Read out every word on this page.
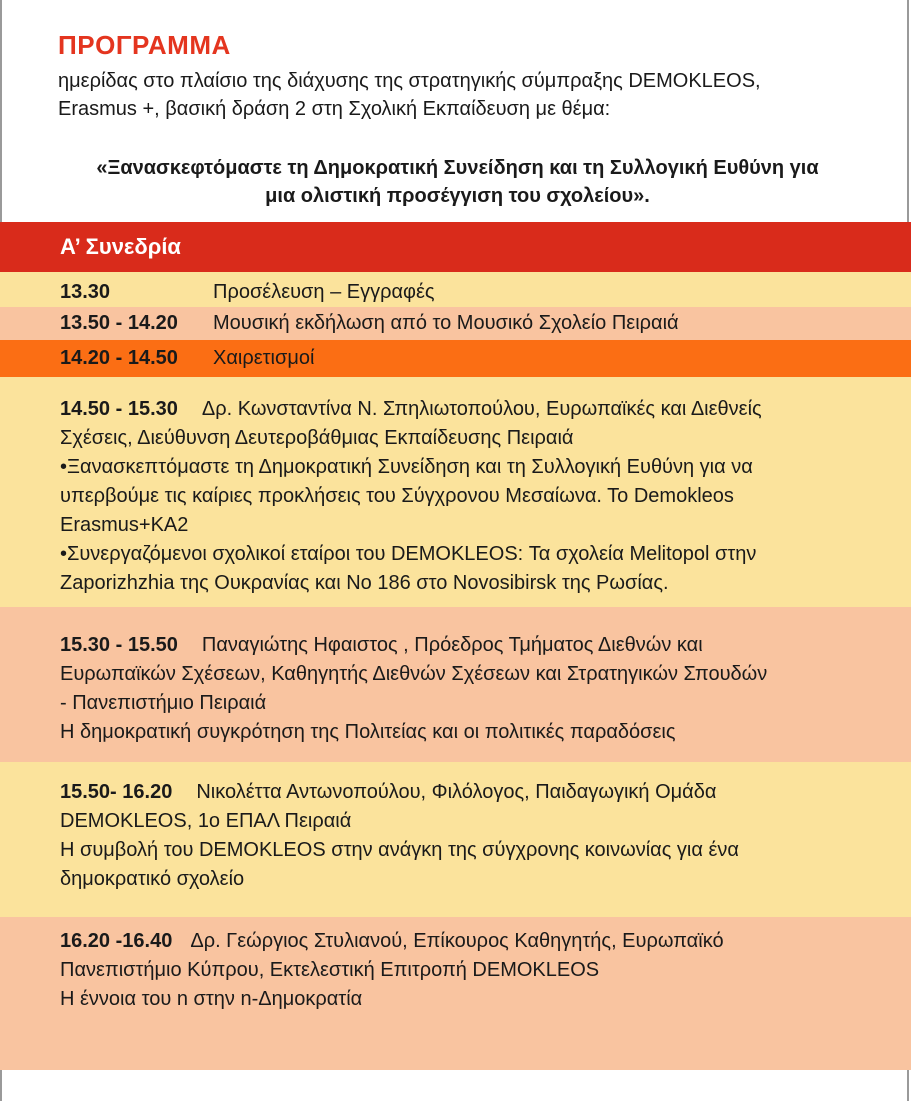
ΠΡΟΓΡΑΜΜΑ

ημερίδας στο πλαίσιο της διάχυσης της στρατηγικής σύμπραξης DEMOKLEOS,

Erasmus +, βασική δράση 2 στη Σχολική Εκπαίδευση με θέμα:

«Ξανασκεφτόμαστε τη Δημοκρατική Συνείδηση και τη Συλλογική Ευθύνη για

μια ολιστική προσέγγιση του σχολείου».

Α’ Συνεδρία
13.30	Προσέλευση – Εγγραφές
13.50 - 14.20	Μουσική εκδήλωση από το Μουσικό Σχολείο Πειραιά
14.20 - 14.50	Χαιρετισμοί

14.50 - 15.30 Δρ. Κωνσταντίνα Ν. Σπηλιωτοπούλου, Ευρωπαϊκές και Διεθνείς

Σχέσεις, Διεύθυνση Δευτεροβάθμιας Εκπαίδευσης Πειραιά

•Ξανασκεπτόμαστε τη Δημοκρατική Συνείδηση και τη Συλλογική Ευθύνη για να

υπερβούμε τις καίριες προκλήσεις του Σύγχρονου Μεσαίωνα. Το Demokleos

Erasmus+KA2

•Συνεργαζόμενοι σχολικοί εταίροι του DEMOKLEOS: Τα σχολεία Melitopol στην

Zaporizhzhia της Ουκρανίας και Νο 186 στο Novosibirsk της Ρωσίας.

15.30 - 15.50 Παναγιώτης Ηφαιστος , Πρόεδρος Τμήματος Διεθνών και

Ευρωπαϊκών Σχέσεων, Καθηγητής Διεθνών Σχέσεων και Στρατηγικών Σπουδών

- Πανεπιστήμιο Πειραιά

Η δημοκρατική συγκρότηση της Πολιτείας και οι πολιτικές παραδόσεις

15.50- 16.20 Νικολέττα Αντωνοπούλου, Φιλόλογος, Παιδαγωγική Ομάδα

DEMOKLEOS, 1ο ΕΠΑΛ Πειραιά

Η συμβολή του DEMOKLEOS στην ανάγκη της σύγχρονης κοινωνίας για ένα

δημοκρατικό σχολείο

16.20 -16.40 Δρ. Γεώργιος Στυλιανού, Επίκουρος Καθηγητής, Ευρωπαϊκό

Πανεπιστήμιο Κύπρου, Εκτελεστική Επιτροπή DEMOKLEOS

Η έννοια του n στην n-Δημοκρατία
